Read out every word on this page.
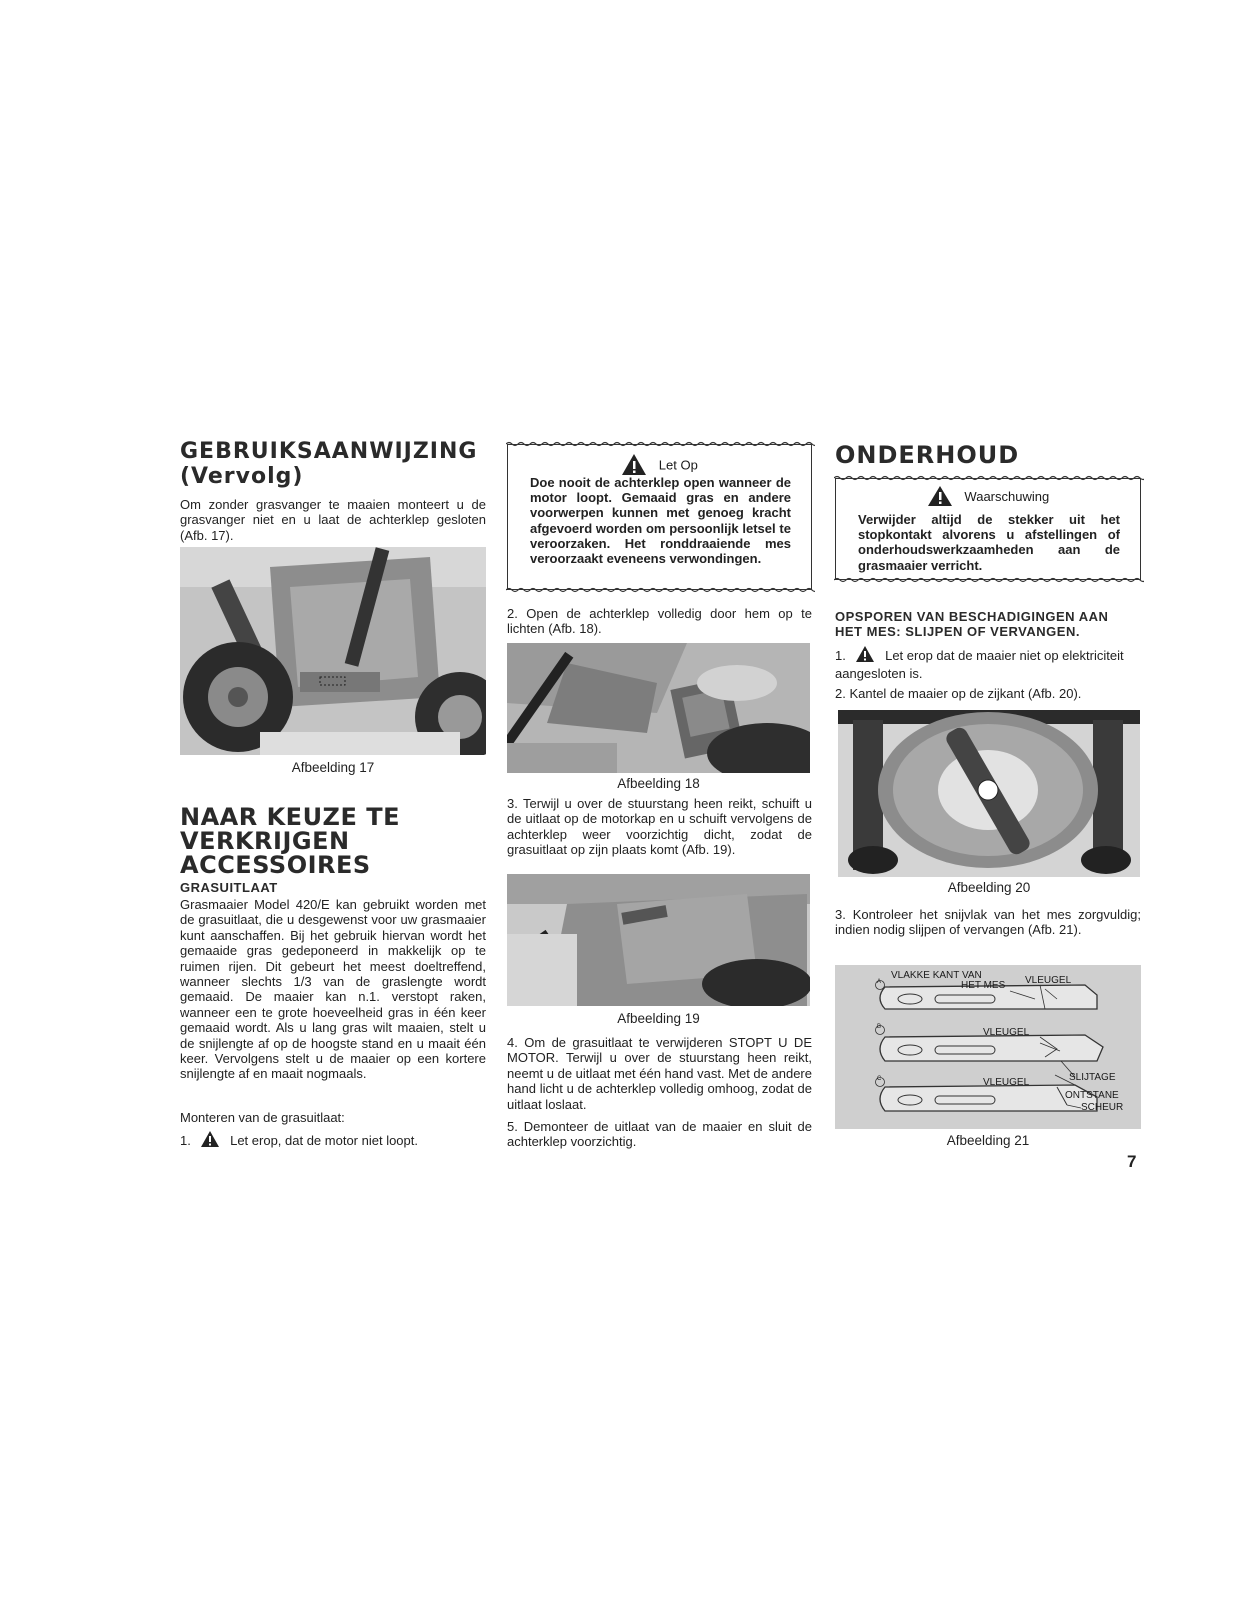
GEBRUIKSAANWIJZING
(Vervolg)
Om zonder grasvanger te maaien monteert u de grasvanger niet en u laat de achterklep gesloten (Afb. 17).
Afbeelding 17
NAAR KEUZE TE
VERKRIJGEN
ACCESSOIRES
GRASUITLAAT
Grasmaaier Model 420/E kan gebruikt worden met de grasuitlaat, die u desgewenst voor uw grasmaaier kunt aanschaffen. Bij het gebruik hiervan wordt het gemaaide gras gedeponeerd in makkelijk op te ruimen rijen. Dit gebeurt het meest doeltreffend, wanneer slechts 1/3 van de graslengte wordt gemaaid. De maaier kan n.1. verstopt raken, wanneer een te grote hoeveelheid gras in één keer gemaaid wordt. Als u lang gras wilt maaien, stelt u de snijlengte af op de hoogste stand en u maait één keer. Vervolgens stelt u de maaier op een kortere snijlengte af en maait nogmaals.
Monteren van de grasuitlaat:
1.	Let erop, dat de motor niet loopt.
Let Op
Doe nooit de achterklep open wanneer de motor loopt. Gemaaid gras en andere voorwerpen kunnen met genoeg kracht afgevoerd worden om persoonlijk letsel te veroorzaken. Het ronddraaiende mes veroorzaakt eveneens verwondingen.
2. Open de achterklep volledig door hem op te lichten (Afb. 18).
Afbeelding 18
3. Terwijl u over de stuurstang heen reikt, schuift u de uitlaat op de motorkap en u schuift vervolgens de achterklep weer voorzichtig dicht, zodat de grasuitlaat op zijn plaats komt (Afb. 19).
Afbeelding 19
4. Om de grasuitlaat te verwijderen STOPT U DE MOTOR. Terwijl u over de stuurstang heen reikt, neemt u de uitlaat met één hand vast. Met de andere hand licht u de achterklep volledig omhoog, zodat de uitlaat loslaat.
5. Demonteer de uitlaat van de maaier en sluit de achterklep voorzichtig.
ONDERHOUD
Waarschuwing
Verwijder altijd de stekker uit het stopkontakt alvorens u afstellingen of onderhoudswerkzaamheden aan de grasmaaier verricht.
OPSPOREN VAN BESCHADIGINGEN AAN
HET MES: SLIJPEN OF VERVANGEN.
1.	Let erop dat de maaier niet op elektriciteit aangesloten is.
2. Kantel de maaier op de zijkant (Afb. 20).
Afbeelding 20
3. Kontroleer het snijvlak van het mes zorgvuldig; indien nodig slijpen of vervangen (Afb. 21).
A
B
C
VLAKKE KANT VAN
HET MES VLEUGEL
VLEUGEL
VLEUGEL	SLIJTAGE
ONTSTANE
SCHEUR
Afbeelding 21
7
